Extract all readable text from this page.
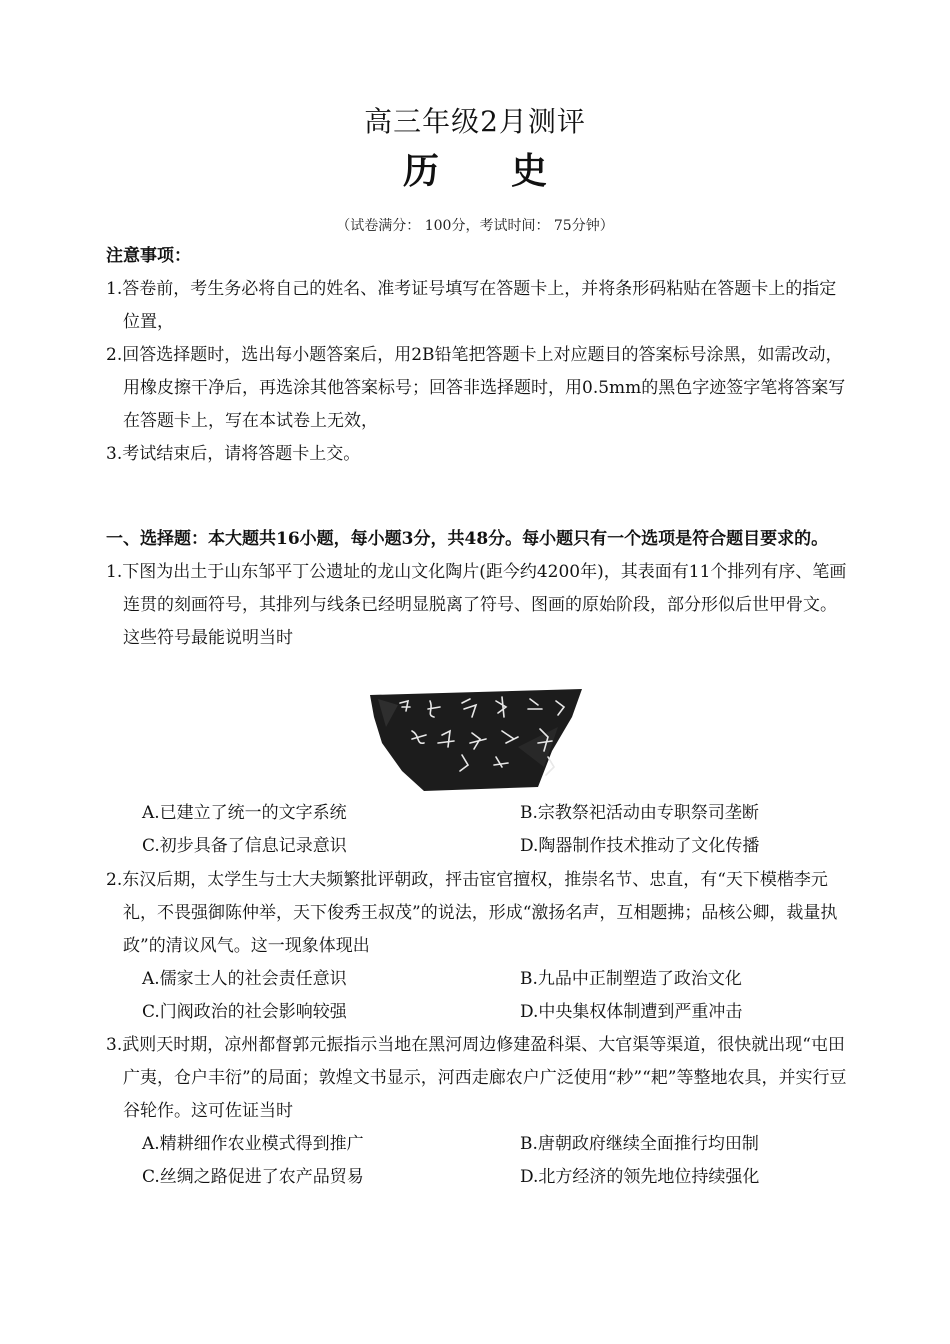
高三年级2月测评
历　　史
（试卷满分： 100分，考试时间： 75分钟）
注意事项：
1.答卷前，考生务必将自己的姓名、准考证号填写在答题卡上，并将条形码粘贴在答题卡上的指定位置，
2.回答选择题时，选出每小题答案后，用2B铅笔把答题卡上对应题目的答案标号涂黑，如需改动，用橡皮擦干净后，再选涂其他答案标号；回答非选择题时，用0.5mm的黑色字迹签字笔将答案写在答题卡上，写在本试卷上无效，
3.考试结束后，请将答题卡上交。
一、选择题：本大题共16小题，每小题3分，共48分。每小题只有一个选项是符合题目要求的。
1.下图为出土于山东邹平丁公遗址的龙山文化陶片(距今约4200年)，其表面有11个排列有序、笔画连贯的刻画符号，其排列与线条已经明显脱离了符号、图画的原始阶段，部分形似后世甲骨文。这些符号最能说明当时
A.已建立了统一的文字系统	B.宗教祭祀活动由专职祭司垄断
C.初步具备了信息记录意识	D.陶器制作技术推动了文化传播
2.东汉后期，太学生与士大夫频繁批评朝政，抨击宦官擅权，推崇名节、忠直，有“天下模楷李元礼，不畏强御陈仲举，天下俊秀王叔茂”的说法，形成“激扬名声，互相题拂；品核公卿，裁量执政”的清议风气。这一现象体现出
A.儒家士人的社会责任意识	B.九品中正制塑造了政治文化
C.门阀政治的社会影响较强	D.中央集权体制遭到严重冲击
3.武则天时期，凉州都督郭元振指示当地在黑河周边修建盈科渠、大官渠等渠道，很快就出现“屯田广夷，仓户丰衍”的局面；敦煌文书显示，河西走廊农户广泛使用“耖”“耙”等整地农具，并实行豆谷轮作。这可佐证当时
A.精耕细作农业模式得到推广	B.唐朝政府继续全面推行均田制
C.丝绸之路促进了农产品贸易	D.北方经济的领先地位持续强化
